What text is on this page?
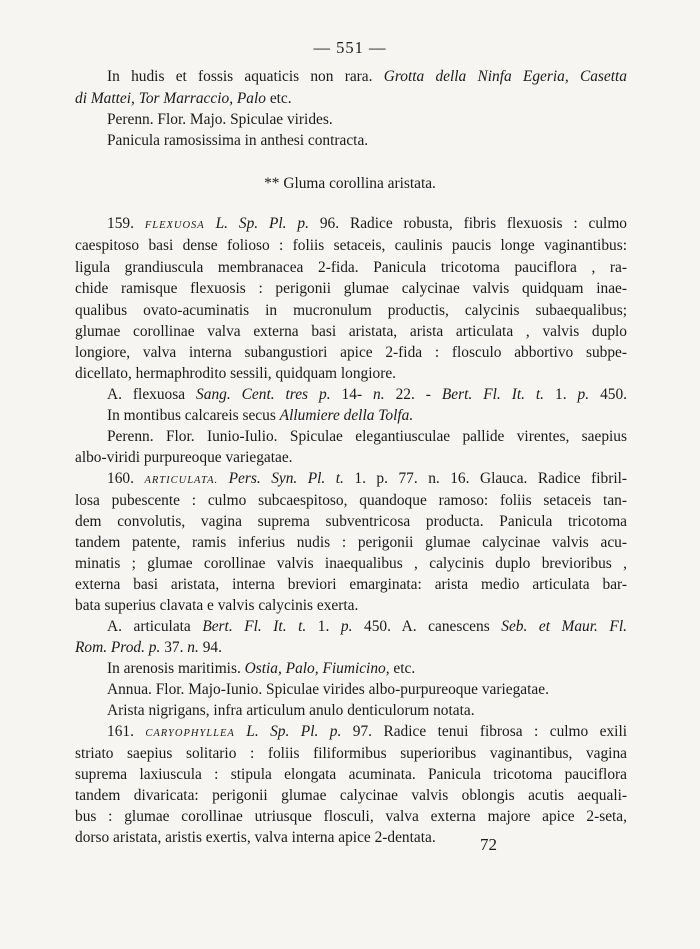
— 551 —
In hudis et fossis aquaticis non rara. Grotta della Ninfa Egeria, Casetta
di Mattei, Tor Marraccio, Palo etc.
Perenn. Flor. Majo. Spiculae virides.
Panicula ramosissima in anthesi contracta.
** Gluma corollina aristata.
159. FLEXUOSA L. Sp. Pl. p. 96. Radice robusta, fibris flexuosis : culmo
caespitoso basi dense folioso : foliis setaceis, caulinis paucis longe vaginantibus:
ligula grandiuscula membranacea 2-fida. Panicula tricotoma pauciflora , ra-
chide ramisque flexuosis : perigonii glumae calycinae valvis quidquam inae-
qualibus ovato-acuminatis in mucronulum productis, calycinis subaequalibus;
glumae corollinae valva externa basi aristata, arista articulata , valvis duplo
longiore, valva interna subangustiori apice 2-fida : flosculo abbortivo subpe-
dicellato, hermaphrodito sessili, quidquam longiore.
A. flexuosa Sang. Cent. tres p. 14- n. 22. - Bert. Fl. It. t. 1. p. 450.
In montibus calcareis secus Allumiere della Tolfa.
Perenn. Flor. Iunio-Iulio. Spiculae elegantiusculae pallide virentes, saepius
albo-viridi purpureoque variegatae.
160. ARTICULATA. Pers. Syn. Pl. t. 1. p. 77. n. 16. Glauca. Radice fibril-
losa pubescente : culmo subcaespitoso, quandoque ramoso: foliis setaceis tan-
dem convolutis, vagina suprema subventricosa producta. Panicula tricotoma
tandem patente, ramis inferius nudis : perigonii glumae calycinae valvis acu-
minatis ; glumae corollinae valvis inaequalibus , calycinis duplo brevioribus ,
externa basi aristata, interna breviori emarginata: arista medio articulata bar-
bata superius clavata e valvis calycinis exerta.
A. articulata Bert. Fl. It. t. 1. p. 450. A. canescens Seb. et Maur. Fl.
Rom. Prod. p. 37. n. 94.
In arenosis maritimis. Ostia, Palo, Fiumicino, etc.
Annua. Flor. Majo-Iunio. Spiculae virides albo-purpureoque variegatae.
Arista nigrigans, infra articulum anulo denticulorum notata.
161. CARYOPHYLLEA L. Sp. Pl. p. 97. Radice tenui fibrosa : culmo exili
striato saepius solitario : foliis filiformibus superioribus vaginantibus, vagina
suprema laxiuscula : stipula elongata acuminata. Panicula tricotoma pauciflora
tandem divaricata: perigonii glumae calycinae valvis oblongis acutis aequali-
bus : glumae corollinae utriusque flosculi, valva externa majore apice 2-seta,
dorso aristata, aristis exertis, valva interna apice 2-dentata.	72
